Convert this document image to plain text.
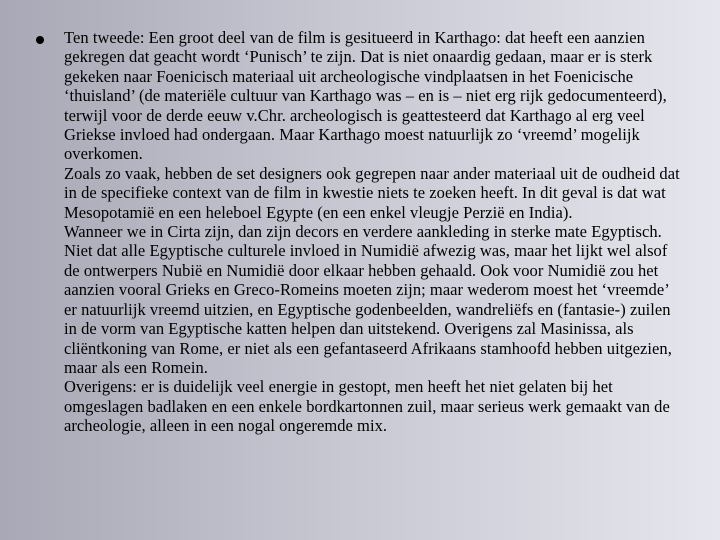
Ten tweede: Een groot deel van de film is gesitueerd in Karthago: dat heeft een aanzien gekregen dat geacht wordt ‘Punisch’ te zijn. Dat is niet onaardig gedaan, maar er is sterk gekeken naar Foenicisch materiaal uit archeologische vindplaatsen in het Foenicische ‘thuisland’ (de materiële cultuur van Karthago was – en is – niet erg rijk gedocumenteerd), terwijl voor de derde eeuw v.Chr. archeologisch is geattesteerd dat Karthago al erg veel Griekse invloed had ondergaan. Maar Karthago moest natuurlijk zo ‘vreemd’ mogelijk overkomen.

Zoals zo vaak, hebben de set designers ook gegrepen naar ander materiaal uit de oudheid dat in de specifieke context van de film in kwestie niets te zoeken heeft. In dit geval is dat wat Mesopotamië en een heleboel Egypte (en een enkel vleugje Perzië en India).

Wanneer we in Cirta zijn, dan zijn decors en verdere aankleding in sterke mate Egyptisch. Niet dat alle Egyptische culturele invloed in Numidië afwezig was, maar het lijkt wel alsof de ontwerpers Nubië en Numidië door elkaar hebben gehaald. Ook voor Numidië zou het aanzien vooral Grieks en Greco-Romeins moeten zijn; maar wederom moest het ‘vreemde’ er natuurlijk vreemd uitzien, en Egyptische godenbeelden, wandreliëfs en (fantasie-) zuilen in de vorm van Egyptische katten helpen dan uitstekend. Overigens zal Masinissa, als cliëntkoning van Rome, er niet als een gefantaseerd Afrikaans stamhoofd hebben uitgezien, maar als een Romein.

Overigens: er is duidelijk veel energie in gestopt, men heeft het niet gelaten bij het omgeslagen badlaken en een enkele bordkartonnen zuil, maar serieus werk gemaakt van de archeologie, alleen in een nogal ongeremde mix.
